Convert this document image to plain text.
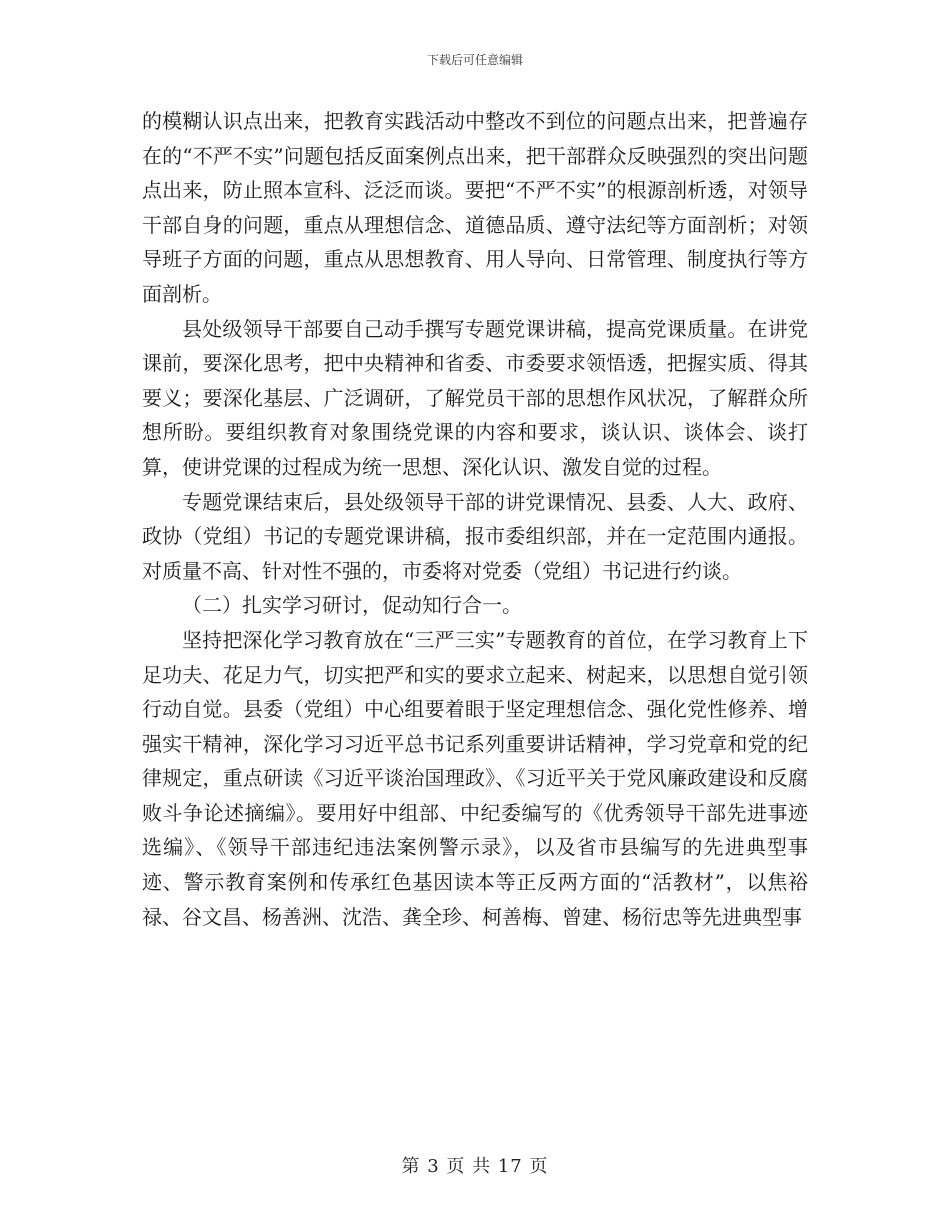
下载后可任意编辑

的模糊认识点出来，把教育实践活动中整改不到位的问题点出来，把普遍存在的“不严不实”问题包括反面案例点出来，把干部群众反映强烈的突出问题点出来，防止照本宣科、泛泛而谈。要把“不严不实”的根源剖析透，对领导干部自身的问题，重点从理想信念、道德品质、遵守法纪等方面剖析；对领导班子方面的问题，重点从思想教育、用人导向、日常管理、制度执行等方面剖析。

县处级领导干部要自己动手撰写专题党课讲稿，提高党课质量。在讲党课前，要深化思考，把中央精神和省委、市委要求领悟透，把握实质、得其要义；要深化基层、广泛调研，了解党员干部的思想作风状况，了解群众所想所盼。要组织教育对象围绕党课的内容和要求，谈认识、谈体会、谈打算，使讲党课的过程成为统一思想、深化认识、激发自觉的过程。

专题党课结束后，县处级领导干部的讲党课情况、县委、人大、政府、政协（党组）书记的专题党课讲稿，报市委组织部，并在一定范围内通报。对质量不高、针对性不强的，市委将对党委（党组）书记进行约谈。

（二）扎实学习研讨，促动知行合一。

坚持把深化学习教育放在“三严三实”专题教育的首位，在学习教育上下足功夫、花足力气，切实把严和实的要求立起来、树起来，以思想自觉引领行动自觉。县委（党组）中心组要着眼于坚定理想信念、强化党性修养、增强实干精神，深化学习习近平总书记系列重要讲话精神，学习党章和党的纪律规定，重点研读《习近平谈治国理政》、《习近平关于党风廉政建设和反腐败斗争论述摘编》。要用好中组部、中纪委编写的《优秀领导干部先进事迹选编》、《领导干部违纪违法案例警示录》，以及省市县编写的先进典型事迹、警示教育案例和传承红色基因读本等正反两方面的“活教材”，以焦裕禄、谷文昌、杨善洲、沈浩、龚全珍、柯善梅、曾建、杨衍忠等先进典型事

第 3 页 共 17 页
